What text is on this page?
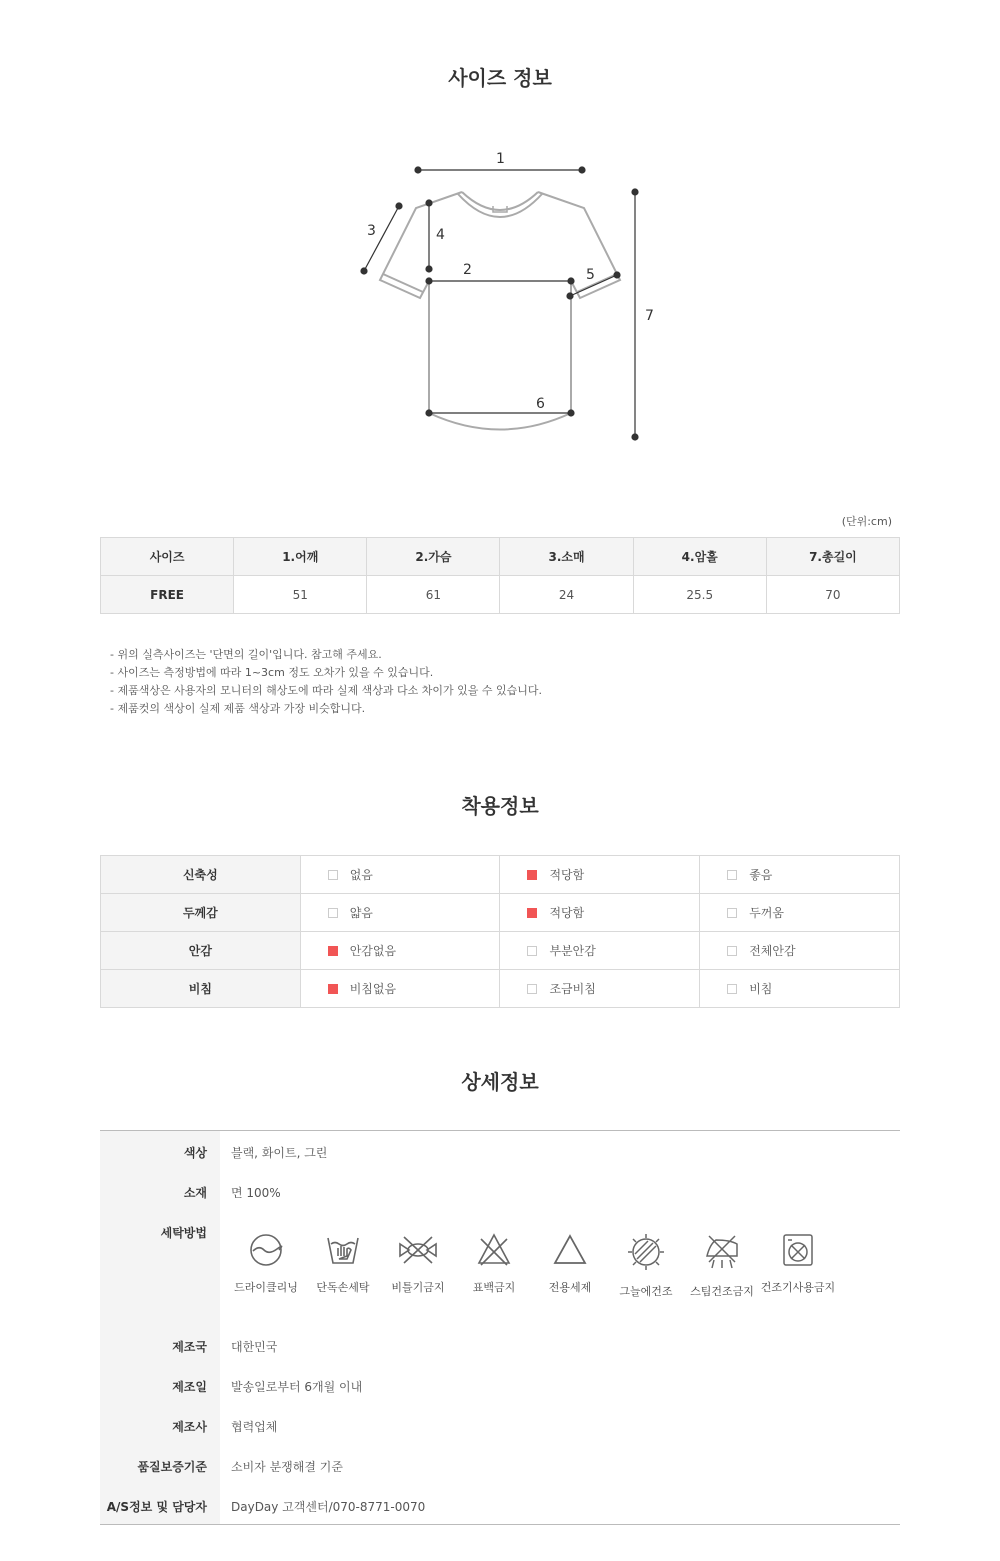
사이즈 정보
1
2
3	4
5
6
7
(단위:cm)
사이즈	1.어깨	2.가슴	3.소매	4.암홀	7.총길이
FREE	51	61	24	25.5	70
- 위의 실측사이즈는 '단면의 길이'입니다. 참고해 주세요.
- 사이즈는 측정방법에 따라 1~3cm 정도 오차가 있을 수 있습니다.
- 제품색상은 사용자의 모니터의 해상도에 따라 실제 색상과 다소 차이가 있을 수 있습니다.
- 제품컷의 색상이 실제 제품 색상과 가장 비슷합니다.
착용정보
신축성	없음	적당함	좋음
두께감	얇음	적당함	두꺼움
안감	안감없음	부분안감	전체안감
비침	비침없음	조금비침	비침
상세정보
색상 블랙, 화이트, 그린
소재 면 100%
세탁방법
제조국 대한민국
제조일 발송일로부터 6개월 이내
제조사 협력업체
품질보증기준 소비자 분쟁해결 기준
A/S정보 및 담당자 DayDay 고객센터/070-8771-0070
드라이클리닝	단독손세탁	비틀기금지	표백금지	전용세제	그늘에건조	스팀건조금지 건조기사용금지
